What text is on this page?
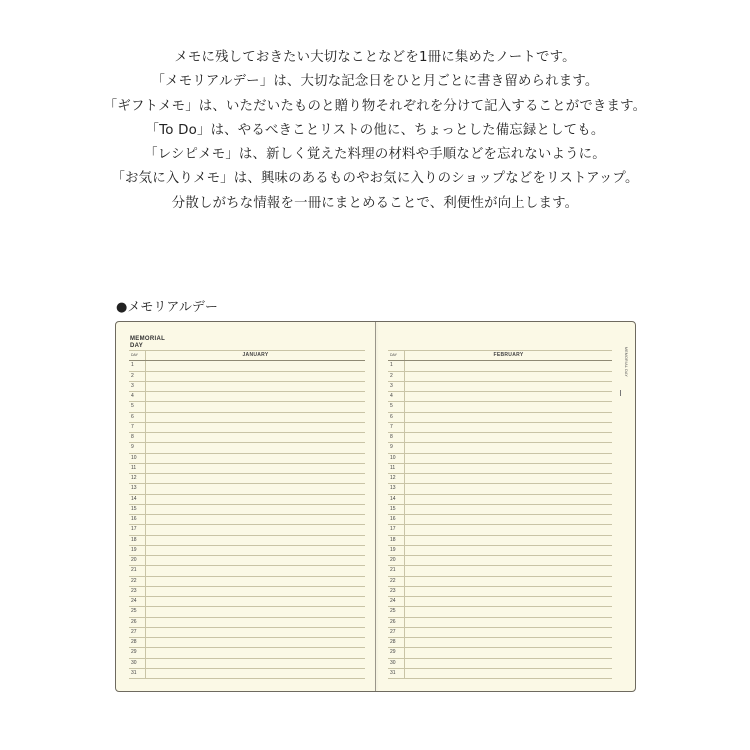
メモに残しておきたい大切なことなどを1冊に集めたノートです。

「メモリアルデー」は、大切な記念日をひと月ごとに書き留められます。

「ギフトメモ」は、いただいたものと贈り物それぞれを分けて記入することができます。

「To Do」は、やるべきことリストの他に、ちょっとした備忘録としても。

「レシピメモ」は、新しく覚えた料理の材料や手順などを忘れないように。

「お気に入りメモ」は、興味のあるものやお気に入りのショップなどをリストアップ。

分散しがちな情報を一冊にまとめることで、利便性が向上します。

●メモリアルデー
MEMORIAL
DAY
MEMORIAL DAY
DAY	JANUARY
1	
2	
3	
4	
5	
6	
7	
8	
9	
10	
11	
12	
13	
14	
15	
16	
17	
18	
19	
20	
21	
22	
23	
24	
25	
26	
27	
28	
29	
30	
31	
DAY	FEBRUARY
1	
2	
3	
4	
5	
6	
7	
8	
9	
10	
11	
12	
13	
14	
15	
16	
17	
18	
19	
20	
21	
22	
23	
24	
25	
26	
27	
28	
29	
30	
31	
